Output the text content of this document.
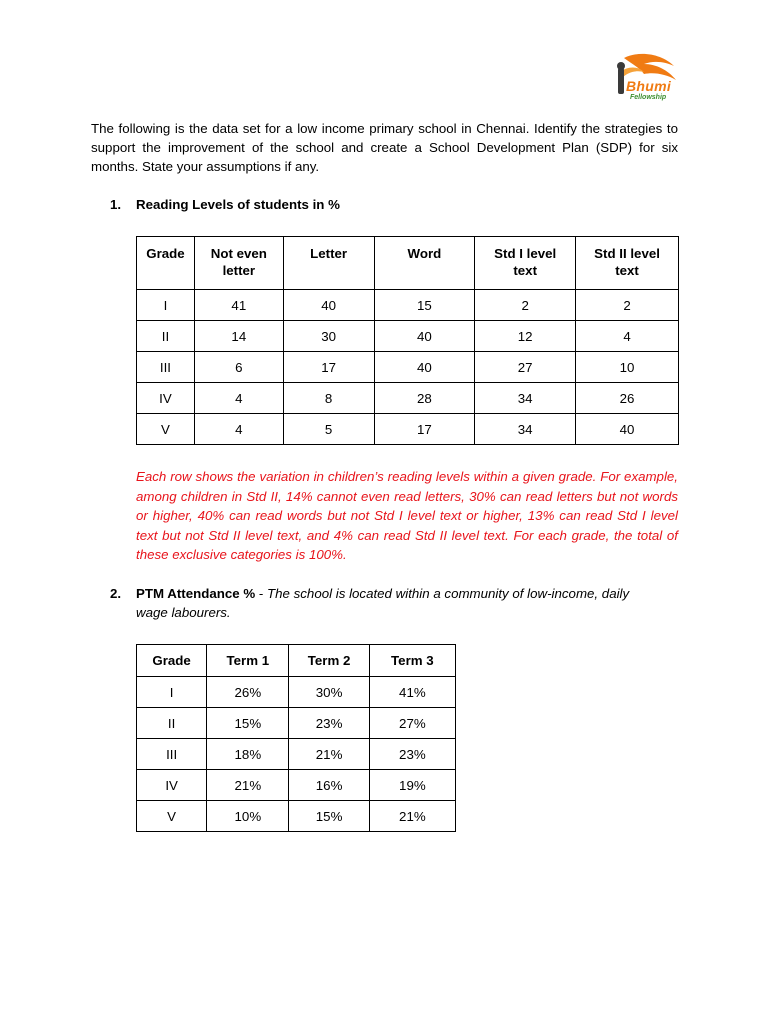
Bhumi
Fellowship

The following is the data set for a low income primary school in Chennai. Identify the strategies to support the improvement of the school and create a School Development Plan (SDP) for six months. State your assumptions if any.

1. Reading Levels of students in %
Grade	Not even letter	Letter	Word	Std I level text	Std II level text
I	41	40	15	2	2
II	14	30	40	12	4
III	6	17	40	27	10
IV	4	8	28	34	26
V	4	5	17	34	40

Each row shows the variation in children’s reading levels within a given grade. For example, among children in Std II, 14% cannot even read letters, 30% can read letters but not words or higher, 40% can read words but not Std I level text or higher, 13% can read Std I level text but not Std II level text, and 4% can read Std II level text. For each grade, the total of these exclusive categories is 100%.

2. PTM Attendance % - The school is located within a community of low-income, daily
wage labourers.
Grade	Term 1	Term 2	Term 3
I	26%	30%	41%
II	15%	23%	27%
III	18%	21%	23%
IV	21%	16%	19%
V	10%	15%	21%
